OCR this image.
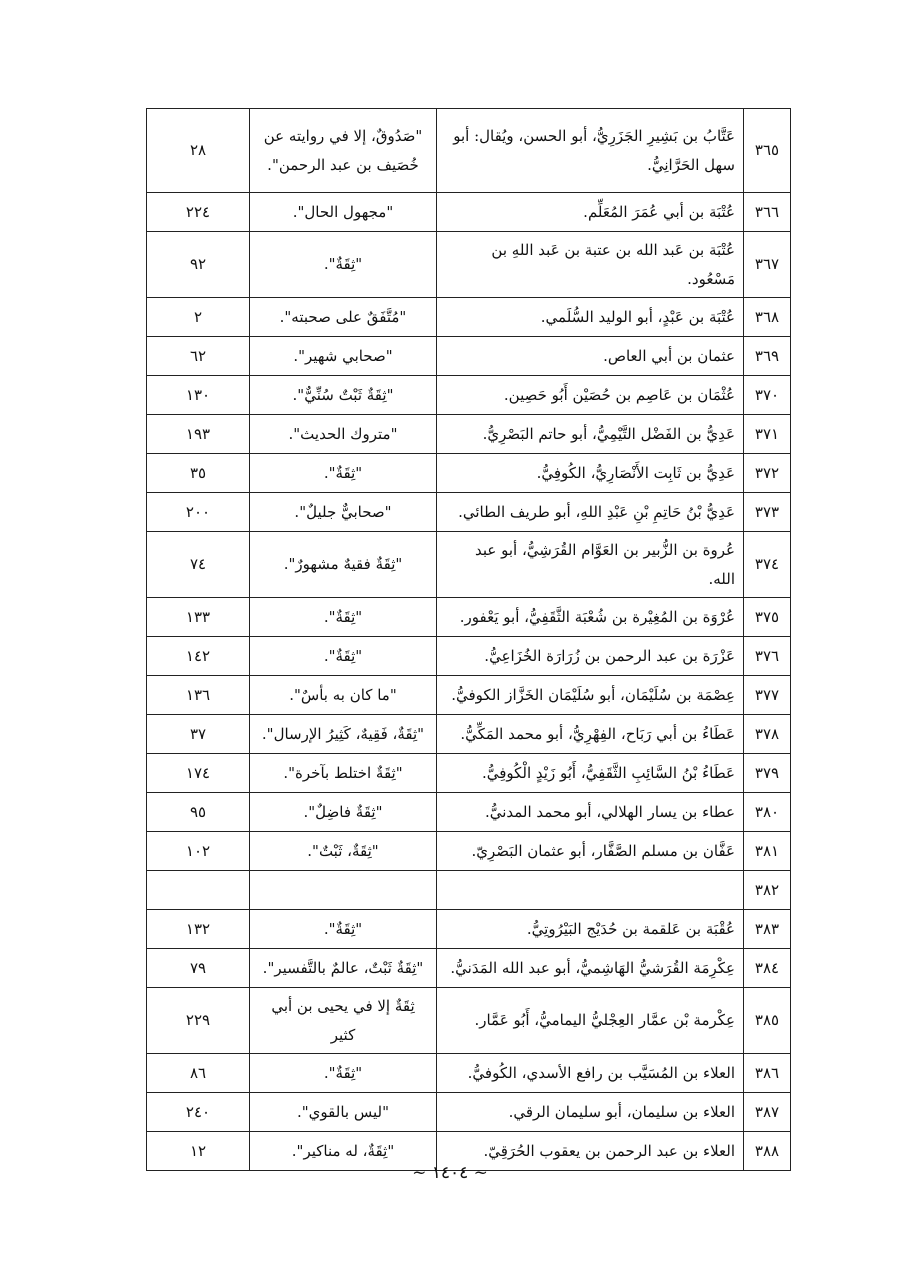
٣٦٥	عَتَّابُ بن بَشِيرِ الجَزَرِيُّ، أبو الحسن، ويُقال: أبو سهل الحَرَّانِيُّ.	"صَدُوقٌ، إلا في روايته عن خُصَيف بن عبد الرحمن".	٢٨
٣٦٦	عُتْبَة بن أبي عُمَرَ المُعَلِّم.	"مجهول الحال".	٢٢٤
٣٦٧	عُتْبَة بن عَبد الله بن عتبة بن عَبد اللهِ بن مَسْعُود.	"ثِقَةٌ".	٩٢
٣٦٨	عُتْبَة بن عَبْدٍ، أبو الوليد السُّلَمي.	"مُتَّفَقٌ على صحبته".	٢
٣٦٩	عثمان بن أبي العاص.	"صحابي شهير".	٦٢
٣٧٠	عُثْمَان بن عَاصِم بن حُصَيْن أَبُو حَصِين.	"ثِقَةٌ ثَبْتٌ سُنِّيٌّ".	١٣٠
٣٧١	عَدِيُّ بن الفَضْل التَّيْمِيُّ، أبو حاتم البَصْرِيُّ.	"متروك الحديث".	١٩٣
٣٧٢	عَدِيُّ بن ثَابِت الأَنْصَارِيُّ، الكُوفِيُّ.	"ثِقَةٌ".	٣٥
٣٧٣	عَدِيُّ بْنُ حَاتِمِ بْنِ عَبْدِ اللهِ، أبو طريف الطائي.	"صحابيٌّ جليلٌ".	٢٠٠
٣٧٤	عُروة بن الزُّبير بن العَوَّام القُرَشِيُّ، أبو عبد الله.	"ثِقَةٌ فقيهٌ مشهورٌ".	٧٤
٣٧٥	عُرْوَة بن المُغِيْرة بن شُعْبَة الثَّقَفِيُّ، أبو يَعْفور.	"ثِقَةٌ".	١٣٣
٣٧٦	عَزْرَة بن عبد الرحمن بن زُرَارَة الخُزَاعِيُّ.	"ثِقَةٌ".	١٤٢
٣٧٧	عِصْمَة بن سُلَيْمَان، أبو سُلَيْمَان الخَزَّاز الكوفيُّ.	"ما كان به بأسٌ".	١٣٦
٣٧٨	عَطَاءُ بن أبي رَبَاح، الفِهْرِيُّ، أبو محمد المَكِّيُّ.	"ثِقَةٌ، فَقِيهٌ، كَثِيرُ الإرسال".	٣٧
٣٧٩	عَطَاءُ بْنُ السَّائِبِ الثَّقَفِيُّ، أَبُو زَيْدٍ الْكُوفِيُّ.	"ثِقَةٌ اختلط بآخرة".	١٧٤
٣٨٠	عطاء بن يسار الهلالي، أبو محمد المدنيُّ.	"ثِقَةٌ فاضِلٌ".	٩٥
٣٨١	عَفَّان بن مسلم الصَّفَّار، أبو عثمان البَصْرِيّ.	"ثِقَةٌ، ثَبْتٌ".	١٠٢
٣٨٢			
٣٨٣	عُقْبَة بن عَلقمة بن حُدَيْج البَيْرُوتِيُّ.	"ثِقَةٌ".	١٣٢
٣٨٤	عِكْرِمَة القُرَشيُّ الهَاشِميُّ، أبو عبد الله المَدَنيُّ.	"ثِقَةٌ ثَبْتٌ، عالمٌ بالتَّفسير".	٧٩
٣٨٥	عِكْرمة بْن عمَّار العِجْليُّ اليماميُّ، أَبُو عَمَّار.	ثِقَةٌ إلا في يحيى بن أبي كثير	٢٢٩
٣٨٦	العلاء بن المُسَيَّب بن رافع الأسدي، الكُوفيُّ.	"ثِقَةٌ".	٨٦
٣٨٧	العلاء بن سليمان، أبو سليمان الرقي.	"ليس بالقوي".	٢٤٠
٣٨٨	العلاء بن عبد الرحمن بن يعقوب الحُرَقِيّ.	"ثِقَةٌ، له مناكير".	١٢
~ ١٤٠٤ ~
